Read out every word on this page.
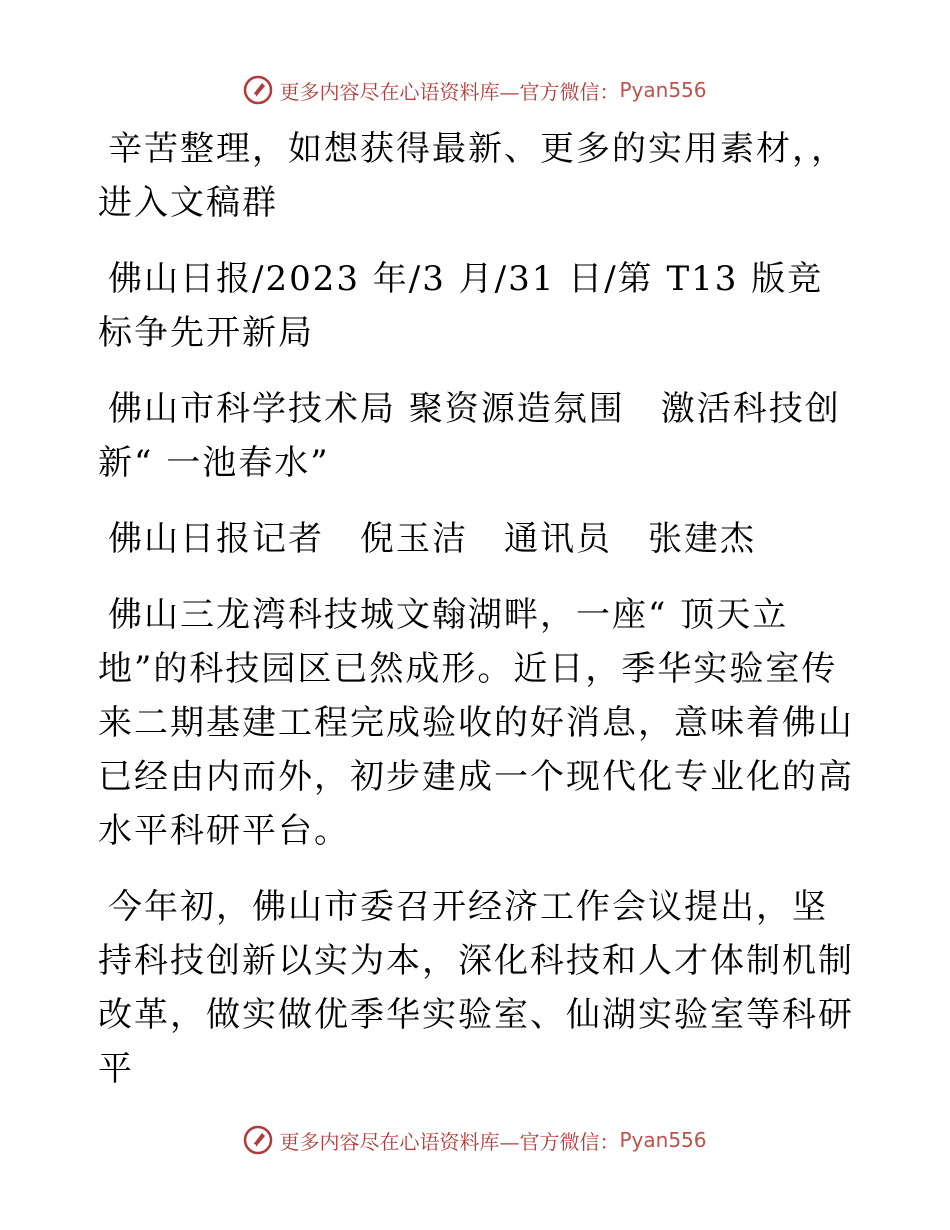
更多内容尽在心语资料库—官方微信： Pyan556

辛苦整理，如想获得最新、更多的实用素材，，进入文稿群

佛山日报/2023 年/3 月/31 日/第 T13 版竞标争先开新局

佛山市科学技术局 聚资源造氛围　激活科技创新“ 一池春水”

佛山日报记者　倪玉洁　通讯员　张建杰

佛山三龙湾科技城文翰湖畔，一座“ 顶天立地”的科技园区已然成形。近日，季华实验室传来二期基建工程完成验收的好消息，意味着佛山已经由内而外，初步建成一个现代化专业化的高水平科研平台。

今年初，佛山市委召开经济工作会议提出，坚持科技创新以实为本，深化科技和人才体制机制改革，做实做优季华实验室、仙湖实验室等科研平

更多内容尽在心语资料库—官方微信： Pyan556
